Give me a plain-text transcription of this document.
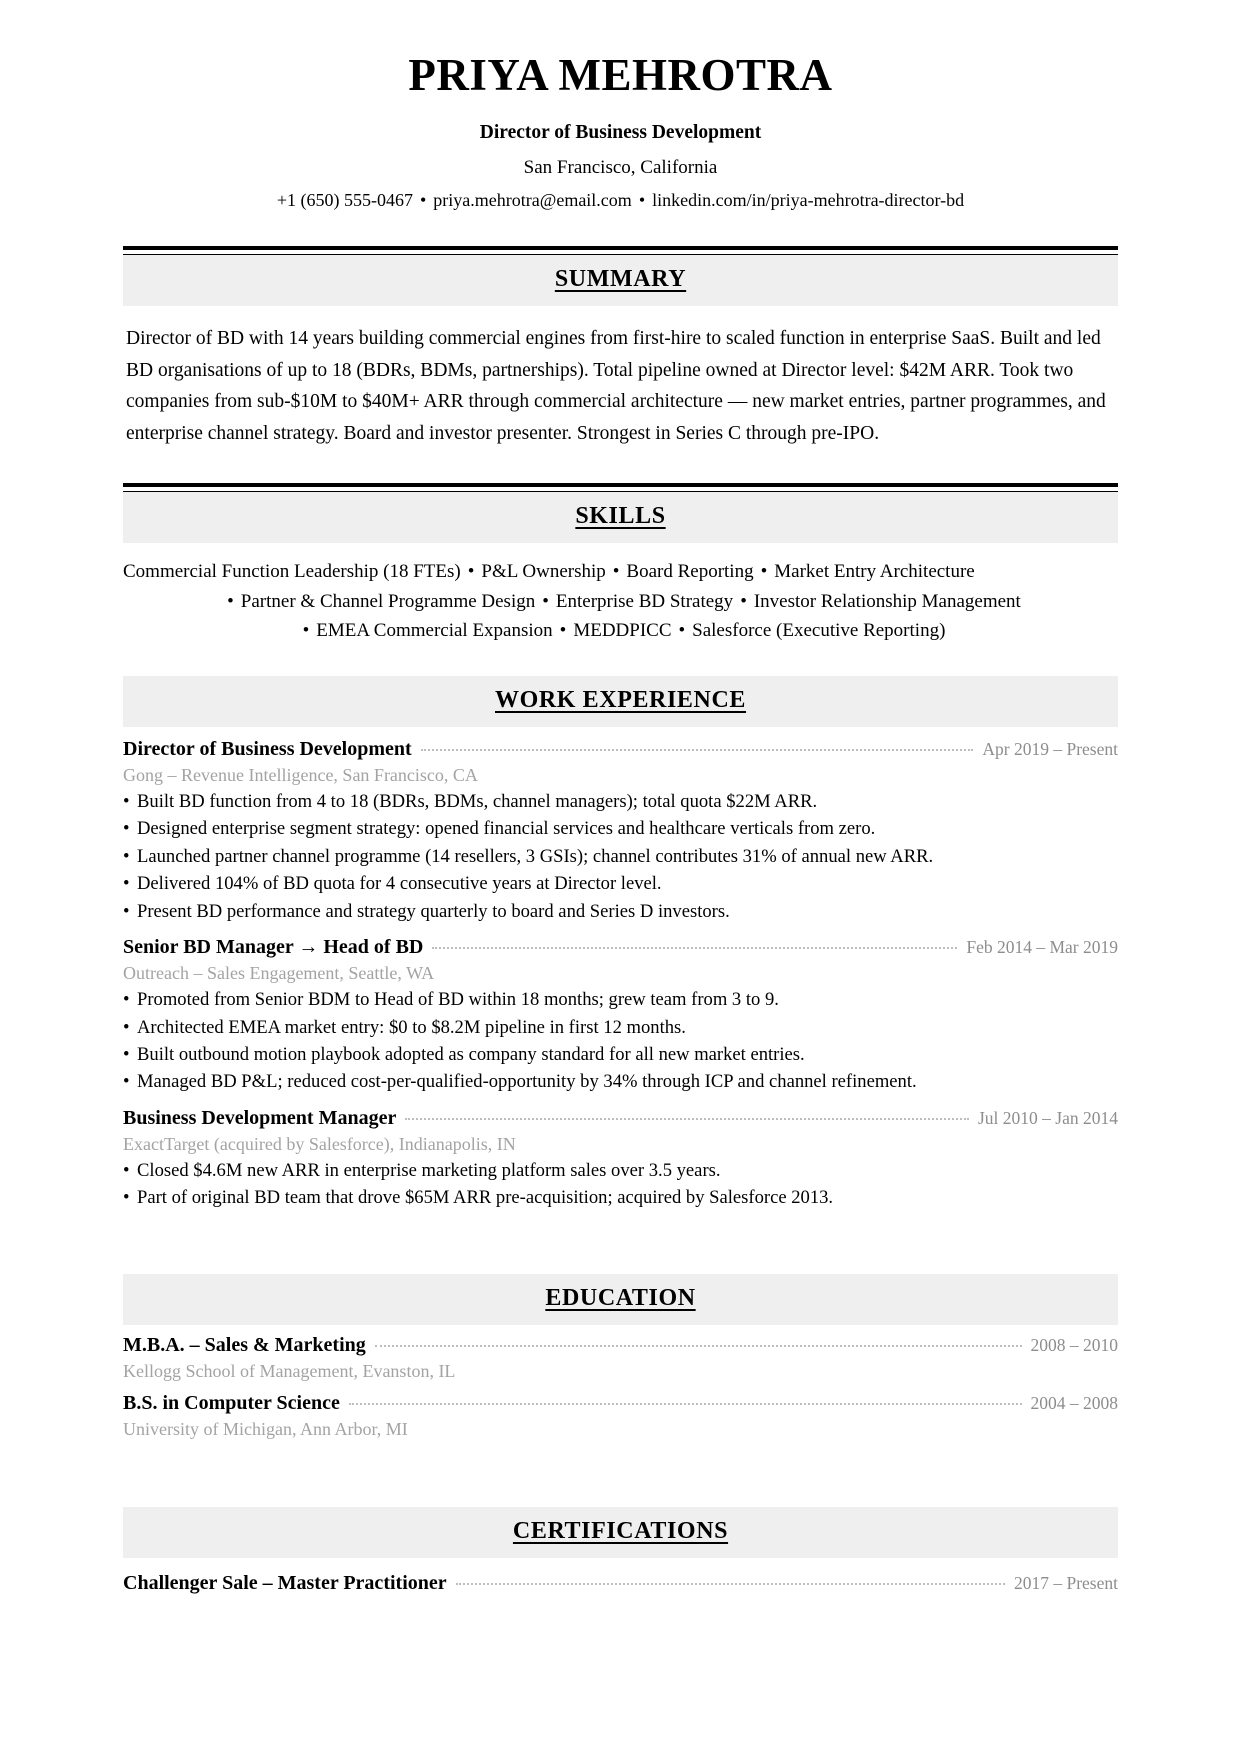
PRIYA MEHROTRA
Director of Business Development
San Francisco, California
+1 (650) 555-0467 • priya.mehrotra@email.com • linkedin.com/in/priya-mehrotra-director-bd
SUMMARY

Director of BD with 14 years building commercial engines from first-hire to scaled function in enterprise SaaS. Built and led BD organisations of up to 18 (BDRs, BDMs, partnerships). Total pipeline owned at Director level: $42M ARR. Took two companies from sub-$10M to $40M+ ARR through commercial architecture — new market entries, partner programmes, and enterprise channel strategy. Board and investor presenter. Strongest in Series C through pre-IPO.

SKILLS
Commercial Function Leadership (18 FTEs) • P&L Ownership • Board Reporting • Market Entry Architecture
• Partner & Channel Programme Design • Enterprise BD Strategy • Investor Relationship Management
• EMEA Commercial Expansion • MEDDPICC • Salesforce (Executive Reporting)
WORK EXPERIENCE
Director of Business Development	Apr 2019 – Present
Gong – Revenue Intelligence, San Francisco, CA
• Built BD function from 4 to 18 (BDRs, BDMs, channel managers); total quota $22M ARR.
• Designed enterprise segment strategy: opened financial services and healthcare verticals from zero.
• Launched partner channel programme (14 resellers, 3 GSIs); channel contributes 31% of annual new ARR.
• Delivered 104% of BD quota for 4 consecutive years at Director level.
• Present BD performance and strategy quarterly to board and Series D investors.
Senior BD Manager → Head of BD	Feb 2014 – Mar 2019
Outreach – Sales Engagement, Seattle, WA
• Promoted from Senior BDM to Head of BD within 18 months; grew team from 3 to 9.
• Architected EMEA market entry: $0 to $8.2M pipeline in first 12 months.
• Built outbound motion playbook adopted as company standard for all new market entries.
• Managed BD P&L; reduced cost-per-qualified-opportunity by 34% through ICP and channel refinement.
Business Development Manager	Jul 2010 – Jan 2014
ExactTarget (acquired by Salesforce), Indianapolis, IN
• Closed $4.6M new ARR in enterprise marketing platform sales over 3.5 years.
• Part of original BD team that drove $65M ARR pre-acquisition; acquired by Salesforce 2013.
EDUCATION
M.B.A. – Sales & Marketing	2008 – 2010
Kellogg School of Management, Evanston, IL
B.S. in Computer Science	2004 – 2008
University of Michigan, Ann Arbor, MI
CERTIFICATIONS
Challenger Sale – Master Practitioner	2017 – Present
